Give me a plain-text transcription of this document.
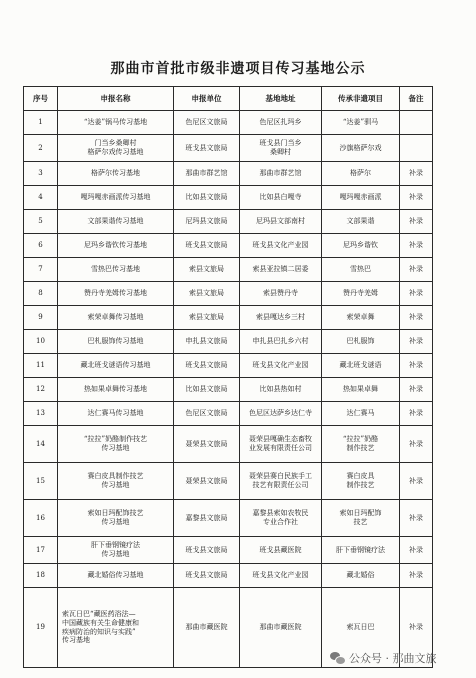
那曲市首批市级非遗项目传习基地公示
序号	申报名称	申报单位	基地地址	传承非遗项目	备注
1	“达姜”锅马传习基地	色尼区文旅局	色尼区扎玛乡	“达姜”驯马	
2	门当乡桑卿村
格萨尔戏传习基地	班戈县文旅局	班戈县门当乡
桑卿村	沙旗格萨尔戏	
3	格萨尔传习基地	那曲市群艺馆	那曲市群艺馆	格萨尔	补录
4	嘎玛嘎赤画派传习基地	比如县文旅局	比如县白嘎寺	嘎玛嘎赤画派	补录
5	文部果谐传习基地	尼玛县文旅局	尼玛县文部南村	文部果谐	补录
6	尼玛乡谐钦传习基地	班戈县文旅局	班戈县文化产业园	尼玛乡谐钦	补录
7	雪热巴传习基地	索县文旅局	索县亚拉镇二居委	雪热巴	补录
8	赞丹寺羌姆传习基地	索县文旅局	索县赞丹寺	赞丹寺羌姆	补录
9	索荣卓舞传习基地	索县文旅局	索县嘎达乡三村	索荣卓舞	补录
10	巴札服饰传习基地	申扎县文旅局	申扎县巴扎乡六村	巴札服饰	补录
11	藏北班戈谜语传习基地	班戈县文旅局	班戈县文化产业园	藏北班戈谜语	补录
12	热如果卓舞传习基地	比如县文旅局	比如县热如村	热如果卓舞	补录
13	达仁赛马传习基地	色尼区文旅局	色尼区达萨乡达仁寺	达仁赛马	补录
14	“拉拉”奶酪制作技艺
传习基地	聂荣县文旅局	聂荣县嘎确生态畜牧
业发展有限责任公司	“拉拉”奶酪
制作技艺	补录
15	赛白皮具制作技艺
传习基地	聂荣县文旅局	聂荣县赛白民族手工
技艺有限责任公司	赛白皮具
制作技艺	补录
16	索如日玛配饰技艺
传习基地	嘉黎县文旅局	嘉黎县索如农牧民
专业合作社	索如日玛配饰
技艺	补录
17	肝下垂钢镜疗法
传习基地	班戈县文旅局	班戈县藏医院	肝下垂钢镜疗法	补录
18	藏北婚俗传习基地	班戈县文旅局	班戈县文化产业园	藏北婚俗	补录
19	索瓦日巴“藏医药浴法—
中国藏族有关生命健康和
疾病防治的知识与实践”
传习基地	那曲市藏医院	那曲市藏医院	索瓦日巴	补录
公众号 · 那曲文旅
